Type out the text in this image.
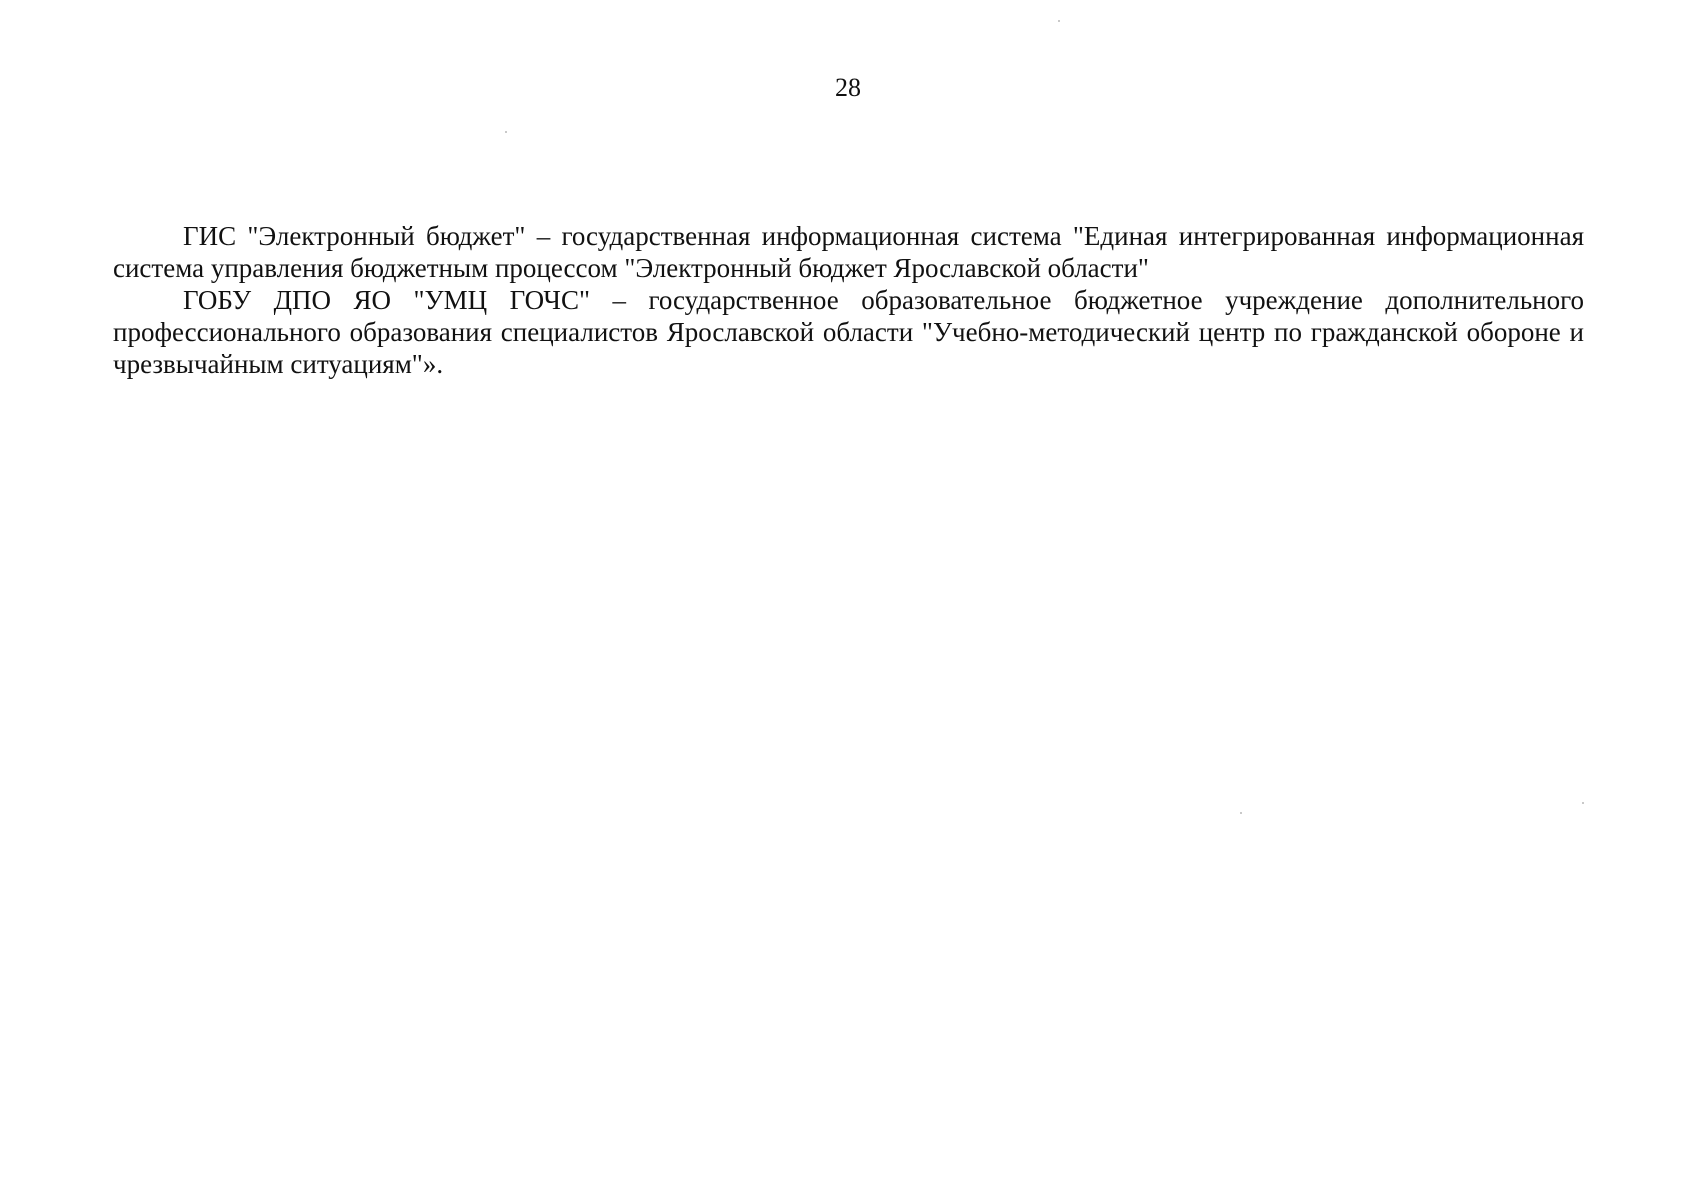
28

ГИС "Электронный бюджет" – государственная информационная система "Единая интегрированная информационная система управления бюджетным процессом "Электронный бюджет Ярославской области"

ГОБУ ДПО ЯО "УМЦ ГОЧС" – государственное образовательное бюджетное учреждение дополнительного профессионального образования специалистов Ярославской области "Учебно-методический центр по гражданской обороне и чрезвычайным ситуациям"».
